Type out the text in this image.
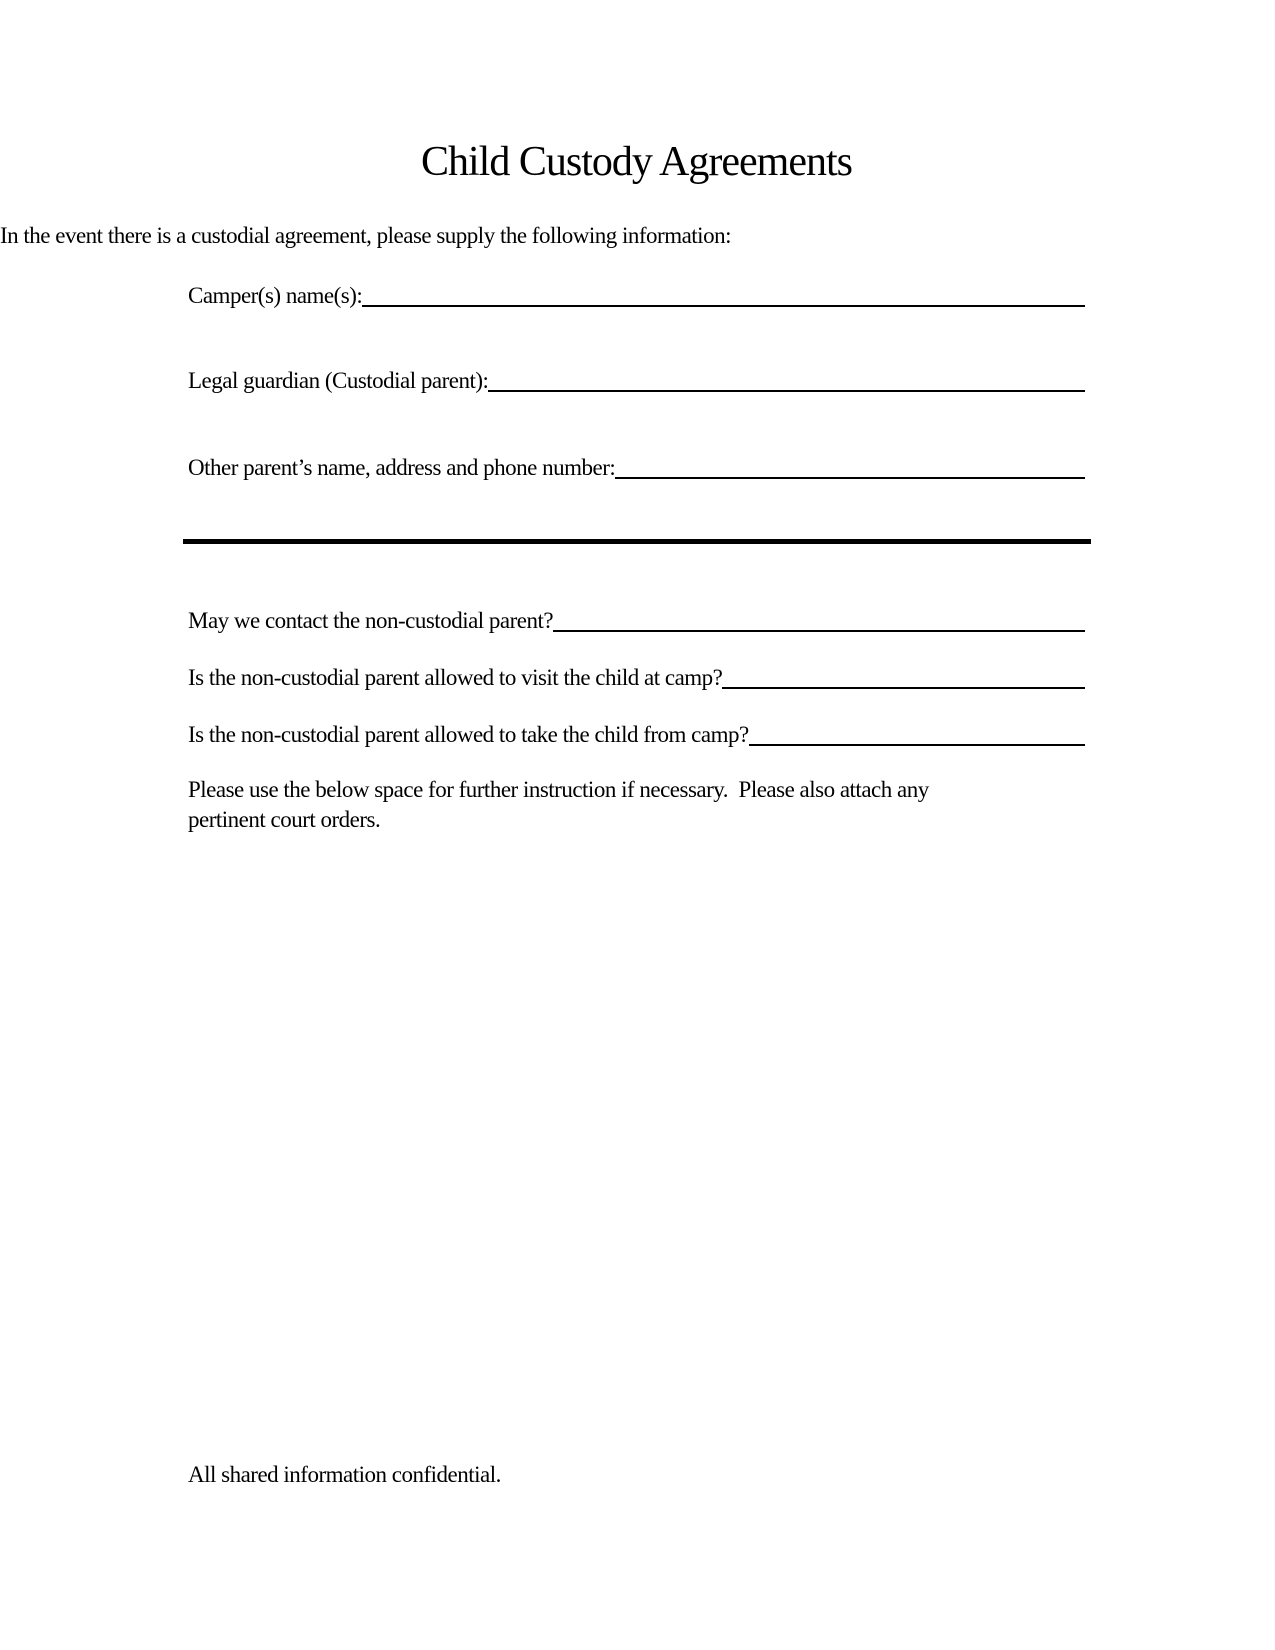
Child Custody Agreements
In the event there is a custodial agreement, please supply the following information:
Camper(s) name(s):
Legal guardian (Custodial parent):
Other parent’s name, address and phone number:
May we contact the non-custodial parent?
Is the non-custodial parent allowed to visit the child at camp?
Is the non-custodial parent allowed to take the child from camp?
Please use the below space for further instruction if necessary.  Please also attach any
pertinent court orders.
All shared information confidential.
